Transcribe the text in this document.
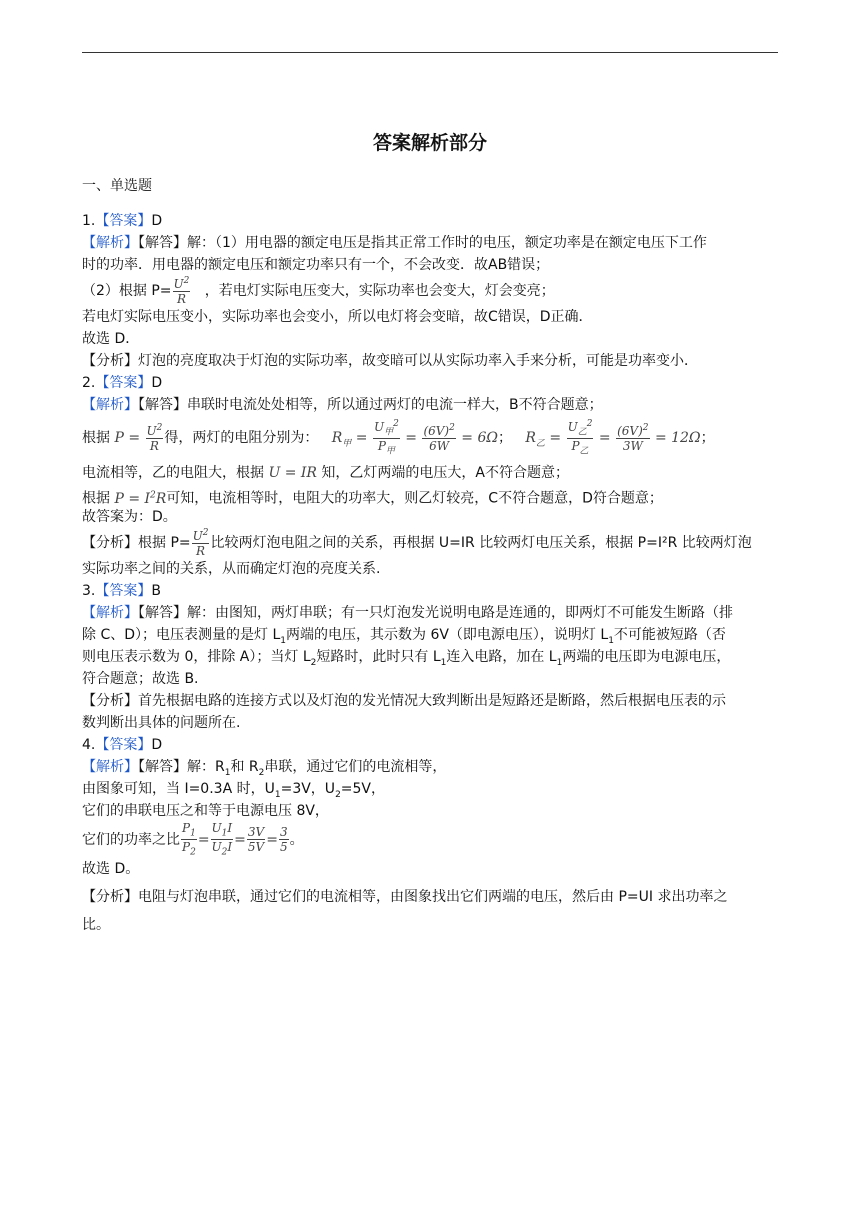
答案解析部分
一、单选题
1.【答案】D
【解析】【解答】解：（1）用电器的额定电压是指其正常工作时的电压，额定功率是在额定电压下工作
时的功率．用电器的额定电压和额定功率只有一个，不会改变．故AB错误；
（2）根据 $P= \frac{U^2}{R}$ ，若电灯实际电压变大，实际功率也会变大，灯会变亮；
若电灯实际电压变小，实际功率也会变小，所以电灯将会变暗，故C错误，D正确．
故选 D．
【分析】灯泡的亮度取决于灯泡的实际功率，故变暗可以从实际功率入手来分析，可能是功率变小．
2.【答案】D
【解析】【解答】串联时电流处处相等，所以通过两灯的电流一样大，B不符合题意；
根据 $P = \frac{U^2}{R}$ 得，两灯的电阻分别为： $R_甲 = \frac{U_甲^2}{P_甲} = \frac{(6V)^2}{6W} = 6\Omega$；   $R_乙 = \frac{U_乙^2}{P_乙} = \frac{(6V)^2}{3W} = 12\Omega$；
电流相等，乙的电阻大，根据 U = IR 知，乙灯两端的电压大，A不符合题意；
根据 $P = I^2R$可知，电流相等时，电阻大的功率大，则乙灯较亮，C不符合题意，D符合题意；
故答案为：D。
【分析】根据 $P= \frac{U^2}{R}$ 比较两灯泡电阻之间的关系，再根据 U=IR 比较两灯电压关系，根据 P=I²R 比较两灯泡
实际功率之间的关系，从而确定灯泡的亮度关系.
3.【答案】B
【解析】【解答】解：由图知，两灯串联；有一只灯泡发光说明电路是连通的，即两灯不可能发生断路（排
除 C、D）；电压表测量的是灯 $L_1$两端的电压，其示数为 6V（即电源电压），说明灯 $L_1$不可能被短路（否
则电压表示数为 0，排除 A）；当灯 $L_2$短路时，此时只有 $L_1$连入电路，加在 $L_1$两端的电压即为电源电压，
符合题意；故选 B.
【分析】首先根据电路的连接方式以及灯泡的发光情况大致判断出是短路还是断路，然后根据电压表的示
数判断出具体的问题所在.
4.【答案】D
【解析】【解答】解：$R_1$和 $R_2$串联，通过它们的电流相等，
由图象可知，当 I=0.3A 时，$U_1=3V$，$U_2=5V$，
它们的串联电压之和等于电源电压 8V，
它们的功率之比 $\frac{P_1}{P_2} = \frac{U_1I}{U_2I} = \frac{3V}{5V} = \frac{3}{5}$ 。
故选 D。
【分析】电阻与灯泡串联，通过它们的电流相等，由图象找出它们两端的电压，然后由 P=UI 求出功率之
比。
